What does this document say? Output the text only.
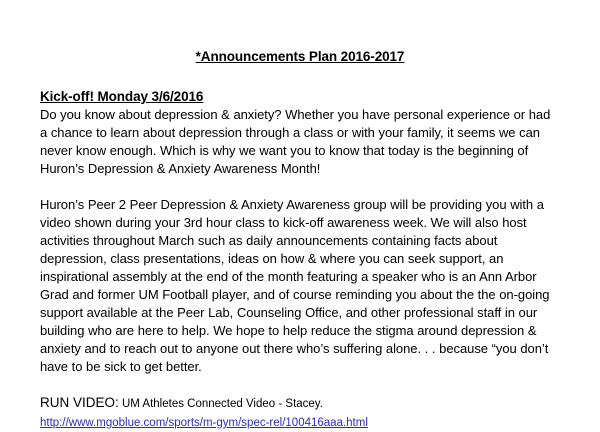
*Announcements Plan 2016-2017
Kick-off! Monday 3/6/2016

Do you know about depression & anxiety? Whether you have personal experience or had a chance to learn about depression through a class or with your family, it seems we can never know enough. Which is why we want you to know that today is the beginning of Huron’s Depression & Anxiety Awareness Month!

Huron’s Peer 2 Peer Depression & Anxiety Awareness group will be providing you with a video shown during your 3rd hour class to kick-off awareness week. We will also host activities throughout March such as daily announcements containing facts about depression, class presentations, ideas on how & where you can seek support, an inspirational assembly at the end of the month featuring a speaker who is an Ann Arbor Grad and former UM Football player, and of course reminding you about the the on-going support available at the Peer Lab, Counseling Office, and other professional staff in our building who are here to help. We hope to help reduce the stigma around depression & anxiety and to reach out to anyone out there who’s suffering alone. . . because “you don’t have to be sick to get better.

RUN VIDEO: UM Athletes Connected Video - Stacey.

http://www.mgoblue.com/sports/m-gym/spec-rel/100416aaa.html
